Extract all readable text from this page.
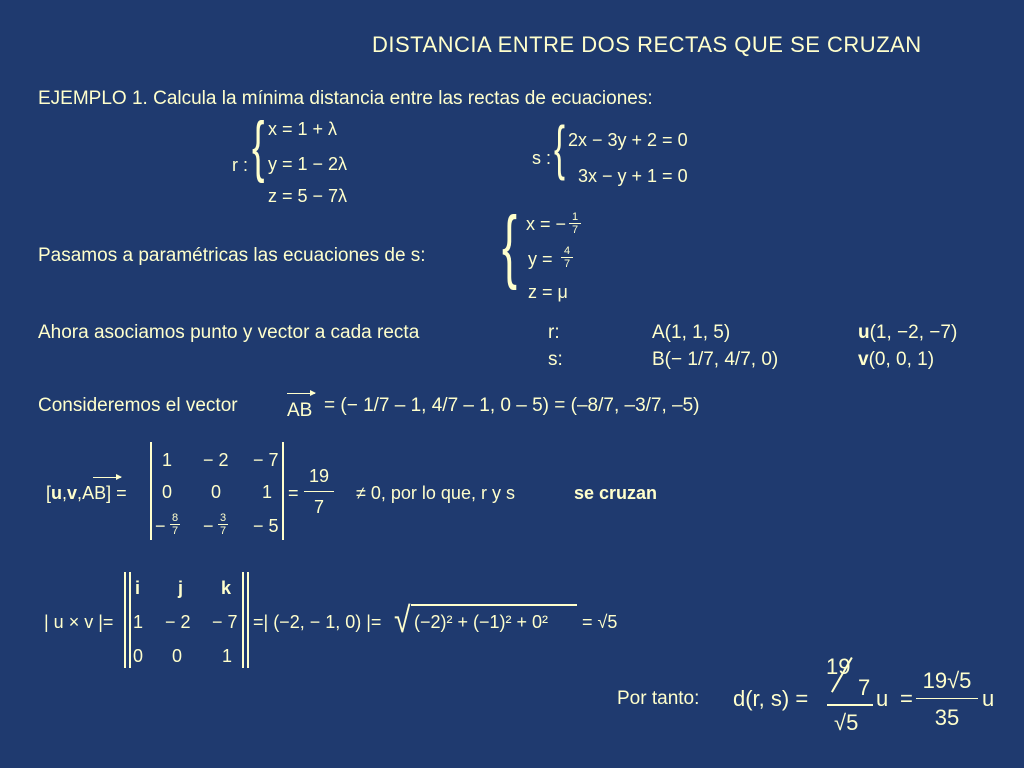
DISTANCIA ENTRE DOS RECTAS QUE SE CRUZAN
EJEMPLO 1. Calcula la mínima distancia entre las rectas de ecuaciones:
r : { x = 1 + λ
y = 1 − 2λ
z = 5 − 7λ
s : { 2x − 3y + 2 = 0
3x − y + 1 = 0
Pasamos a paramétricas las ecuaciones de s: { x = − $\frac{1}{7}$
$y = \frac{4}{7}$
z = μ
Ahora asociamos punto y vector a cada recta	r:	A(1, 1, 5)	u(1, −2, −7)
s:	B(− 1/7, 4/7, 0)	v(0, 0, 1)
Consideremos el vector	AB = (− 1/7 – 1, 4/7 – 1, 0 – 5) = (–8/7, –3/7, –5)
[u,v,AB] =
1 − 2 − 7
0 0 1
− $\frac{8}{7} - \frac{3}{7} - 5$
= $\frac{19}{7} \ne 0$, por lo que, r y s	se cruzan
| u × v |=
i j k
1 − 2 − 7
0 0 1
=| (−2, − 1, 0) |= √ (−2)² + (−1)² + 0² = √5
Por tanto: d(r, s) =
19
7
√5
$u = \frac{19√5}{35}$ u
